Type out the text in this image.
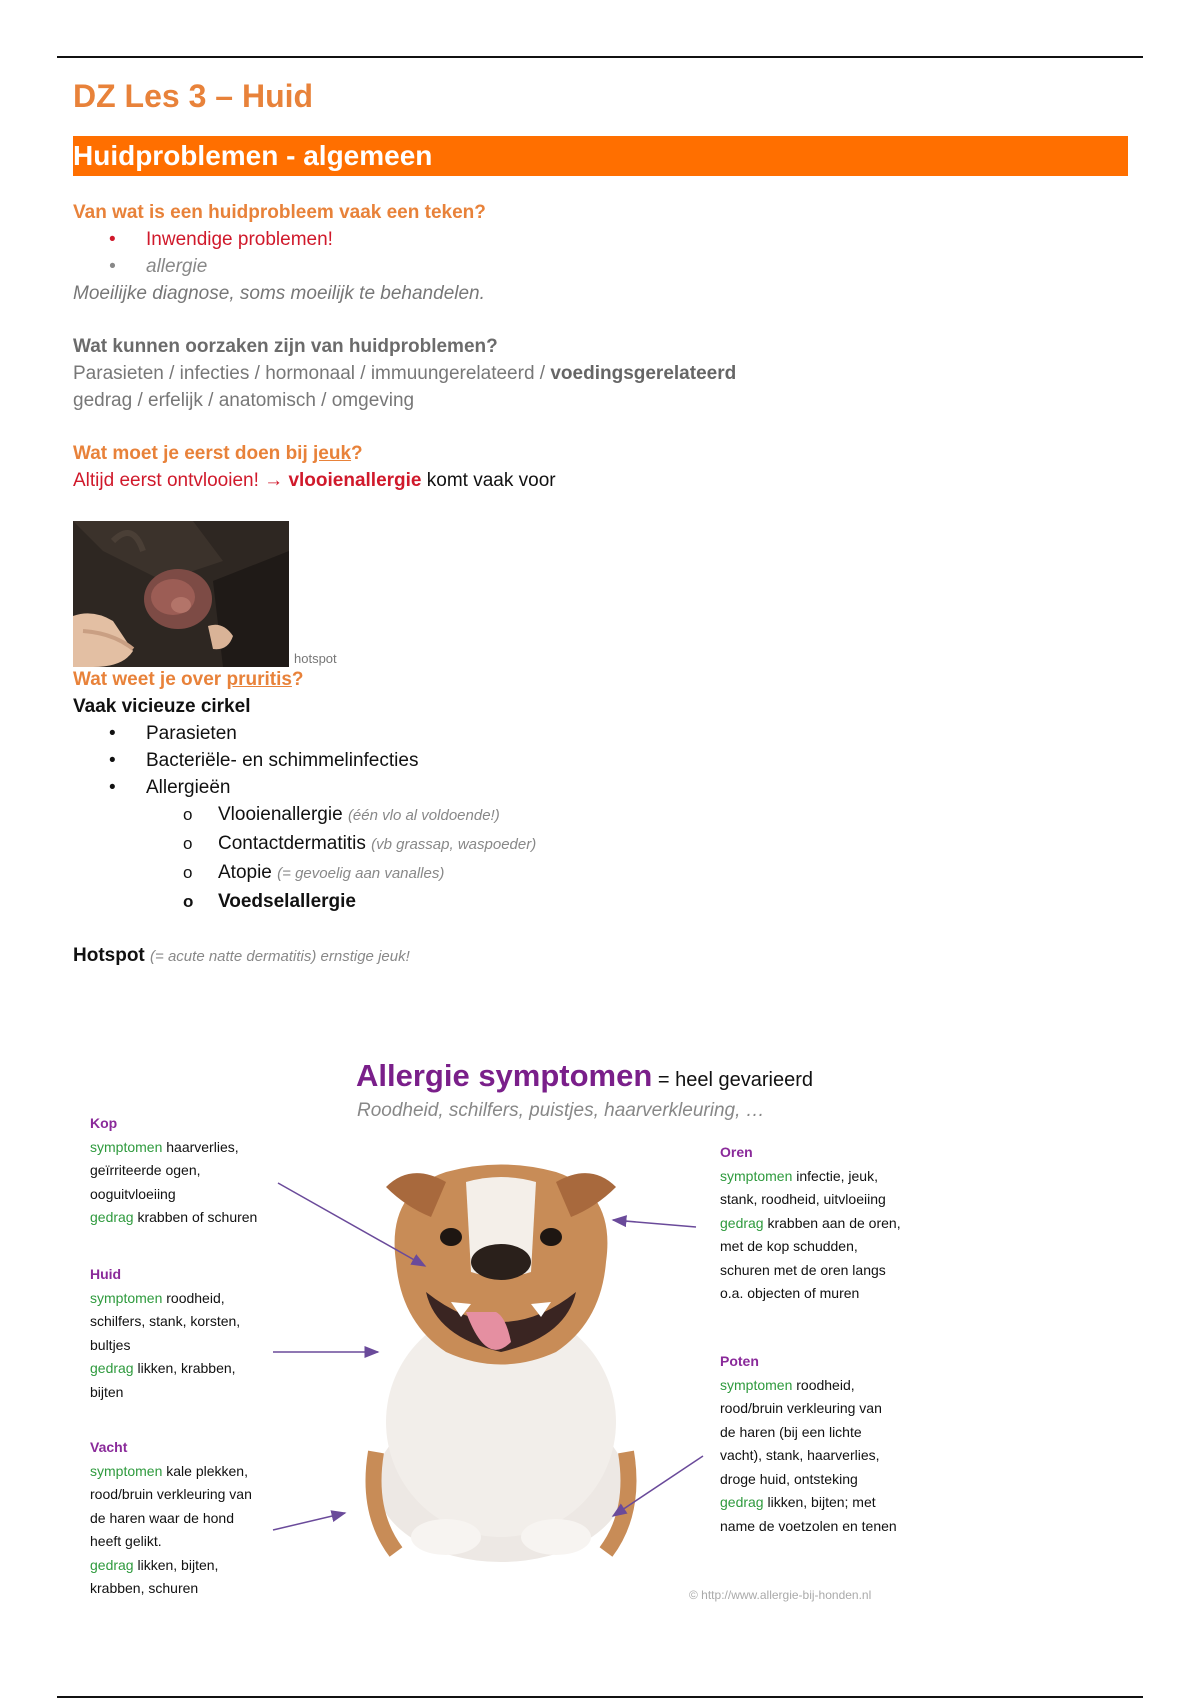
DZ Les 3 – Huid
Huidproblemen - algemeen
Van wat is een huidprobleem vaak een teken?
• Inwendige problemen!
• allergie
Moeilijke diagnose, soms moeilijk te behandelen.
Wat kunnen oorzaken zijn van huidproblemen?
Parasieten / infecties / hormonaal / immuungerelateerd / voedingsgerelateerd
gedrag / erfelijk / anatomisch / omgeving
Wat moet je eerst doen bij jeuk?
Altijd eerst ontvlooien! → vlooienallergie komt vaak voor
hotspot
Wat weet je over pruritis?
Vaak vicieuze cirkel
• Parasieten
• Bacteriële- en schimmelinfecties
• Allergieën
o Vlooienallergie (één vlo al voldoende!)
o Contactdermatitis (vb grassap, waspoeder)
o Atopie (= gevoelig aan vanalles)
o Voedselallergie
Hotspot (= acute natte dermatitis) ernstige jeuk!
Allergie symptomen = heel gevarieerd
Roodheid, schilfers, puistjes, haarverkleuring, …
Kop
symptomen haarverlies,
geïrriteerde ogen,
ooguitvloeiing
gedrag krabben of schuren
Huid
symptomen roodheid,
schilfers, stank, korsten,
bultjes
gedrag likken, krabben,
bijten
Vacht
symptomen kale plekken,
rood/bruin verkleuring van
de haren waar de hond
heeft gelikt.
gedrag likken, bijten,
krabben, schuren
Oren
symptomen infectie, jeuk,
stank, roodheid, uitvloeiing
gedrag krabben aan de oren,
met de kop schudden,
schuren met de oren langs
o.a. objecten of muren
Poten
symptomen roodheid,
rood/bruin verkleuring van
de haren (bij een lichte
vacht), stank, haarverlies,
droge huid, ontsteking
gedrag likken, bijten; met
name de voetzolen en tenen
© http://www.allergie-bij-honden.nl
